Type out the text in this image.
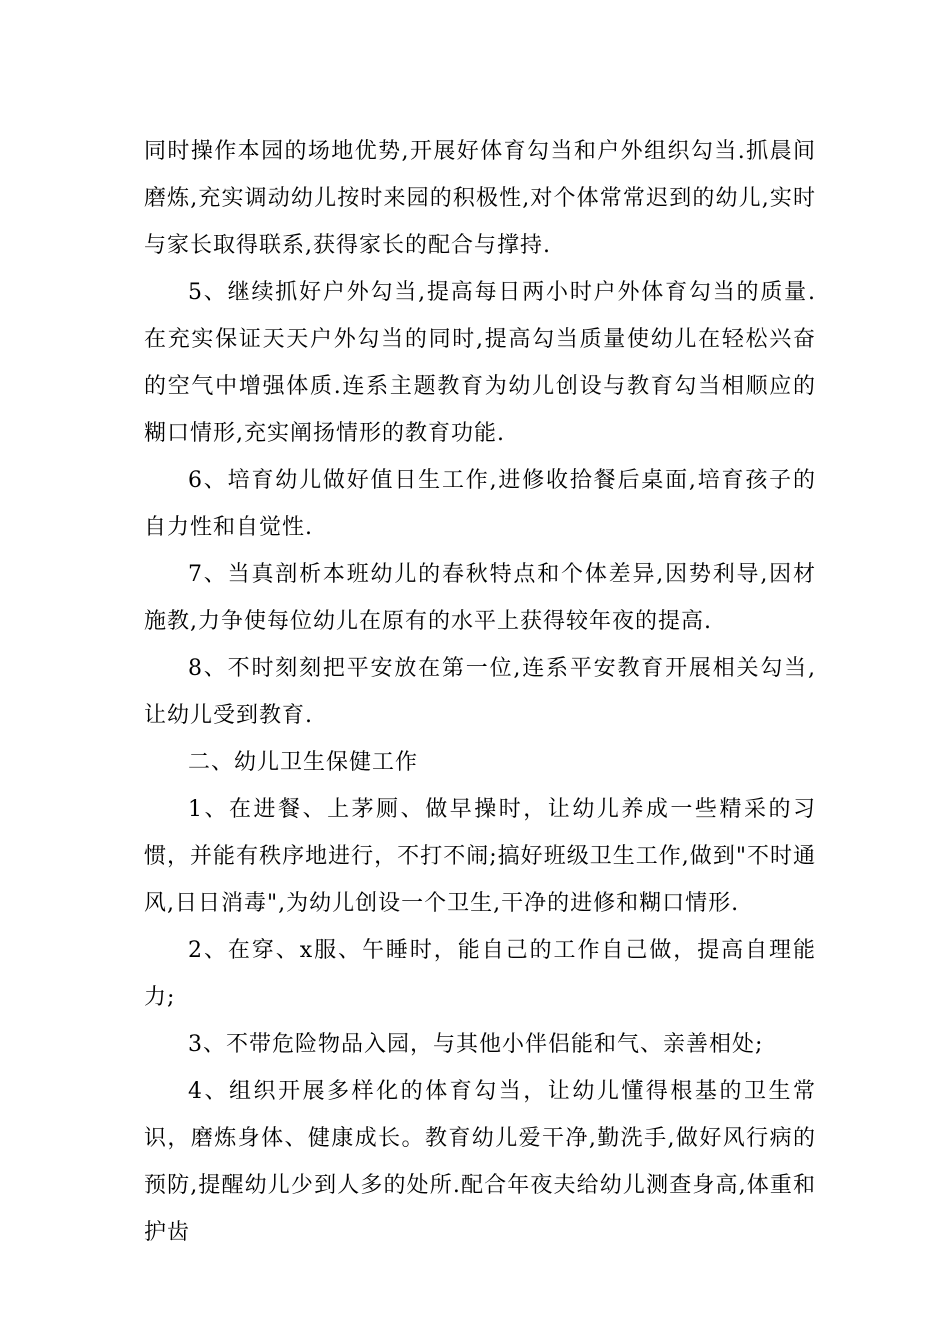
同时操作本园的场地优势,开展好体育勾当和户外组织勾当.抓晨间磨炼,充实调动幼儿按时来园的积极性,对个体常常迟到的幼儿,实时与家长取得联系,获得家长的配合与撑持.

5、继续抓好户外勾当,提高每日两小时户外体育勾当的质量.在充实保证天天户外勾当的同时,提高勾当质量使幼儿在轻松兴奋的空气中增强体质.连系主题教育为幼儿创设与教育勾当相顺应的糊口情形,充实阐扬情形的教育功能.

6、培育幼儿做好值日生工作,进修收拾餐后桌面,培育孩子的自力性和自觉性.

7、当真剖析本班幼儿的春秋特点和个体差异,因势利导,因材施教,力争使每位幼儿在原有的水平上获得较年夜的提高.

8、不时刻刻把平安放在第一位,连系平安教育开展相关勾当,让幼儿受到教育.

二、幼儿卫生保健工作

1、在进餐、上茅厕、做早操时，让幼儿养成一些精采的习惯，并能有秩序地进行，不打不闹;搞好班级卫生工作,做到"不时通风,日日消毒",为幼儿创设一个卫生,干净的进修和糊口情形.

2、在穿、x服、午睡时，能自己的工作自己做，提高自理能力;

3、不带危险物品入园，与其他小伴侣能和气、亲善相处;

4、组织开展多样化的体育勾当，让幼儿懂得根基的卫生常识，磨炼身体、健康成长。教育幼儿爱干净,勤洗手,做好风行病的预防,提醒幼儿少到人多的处所.配合年夜夫给幼儿测查身高,体重和护齿
